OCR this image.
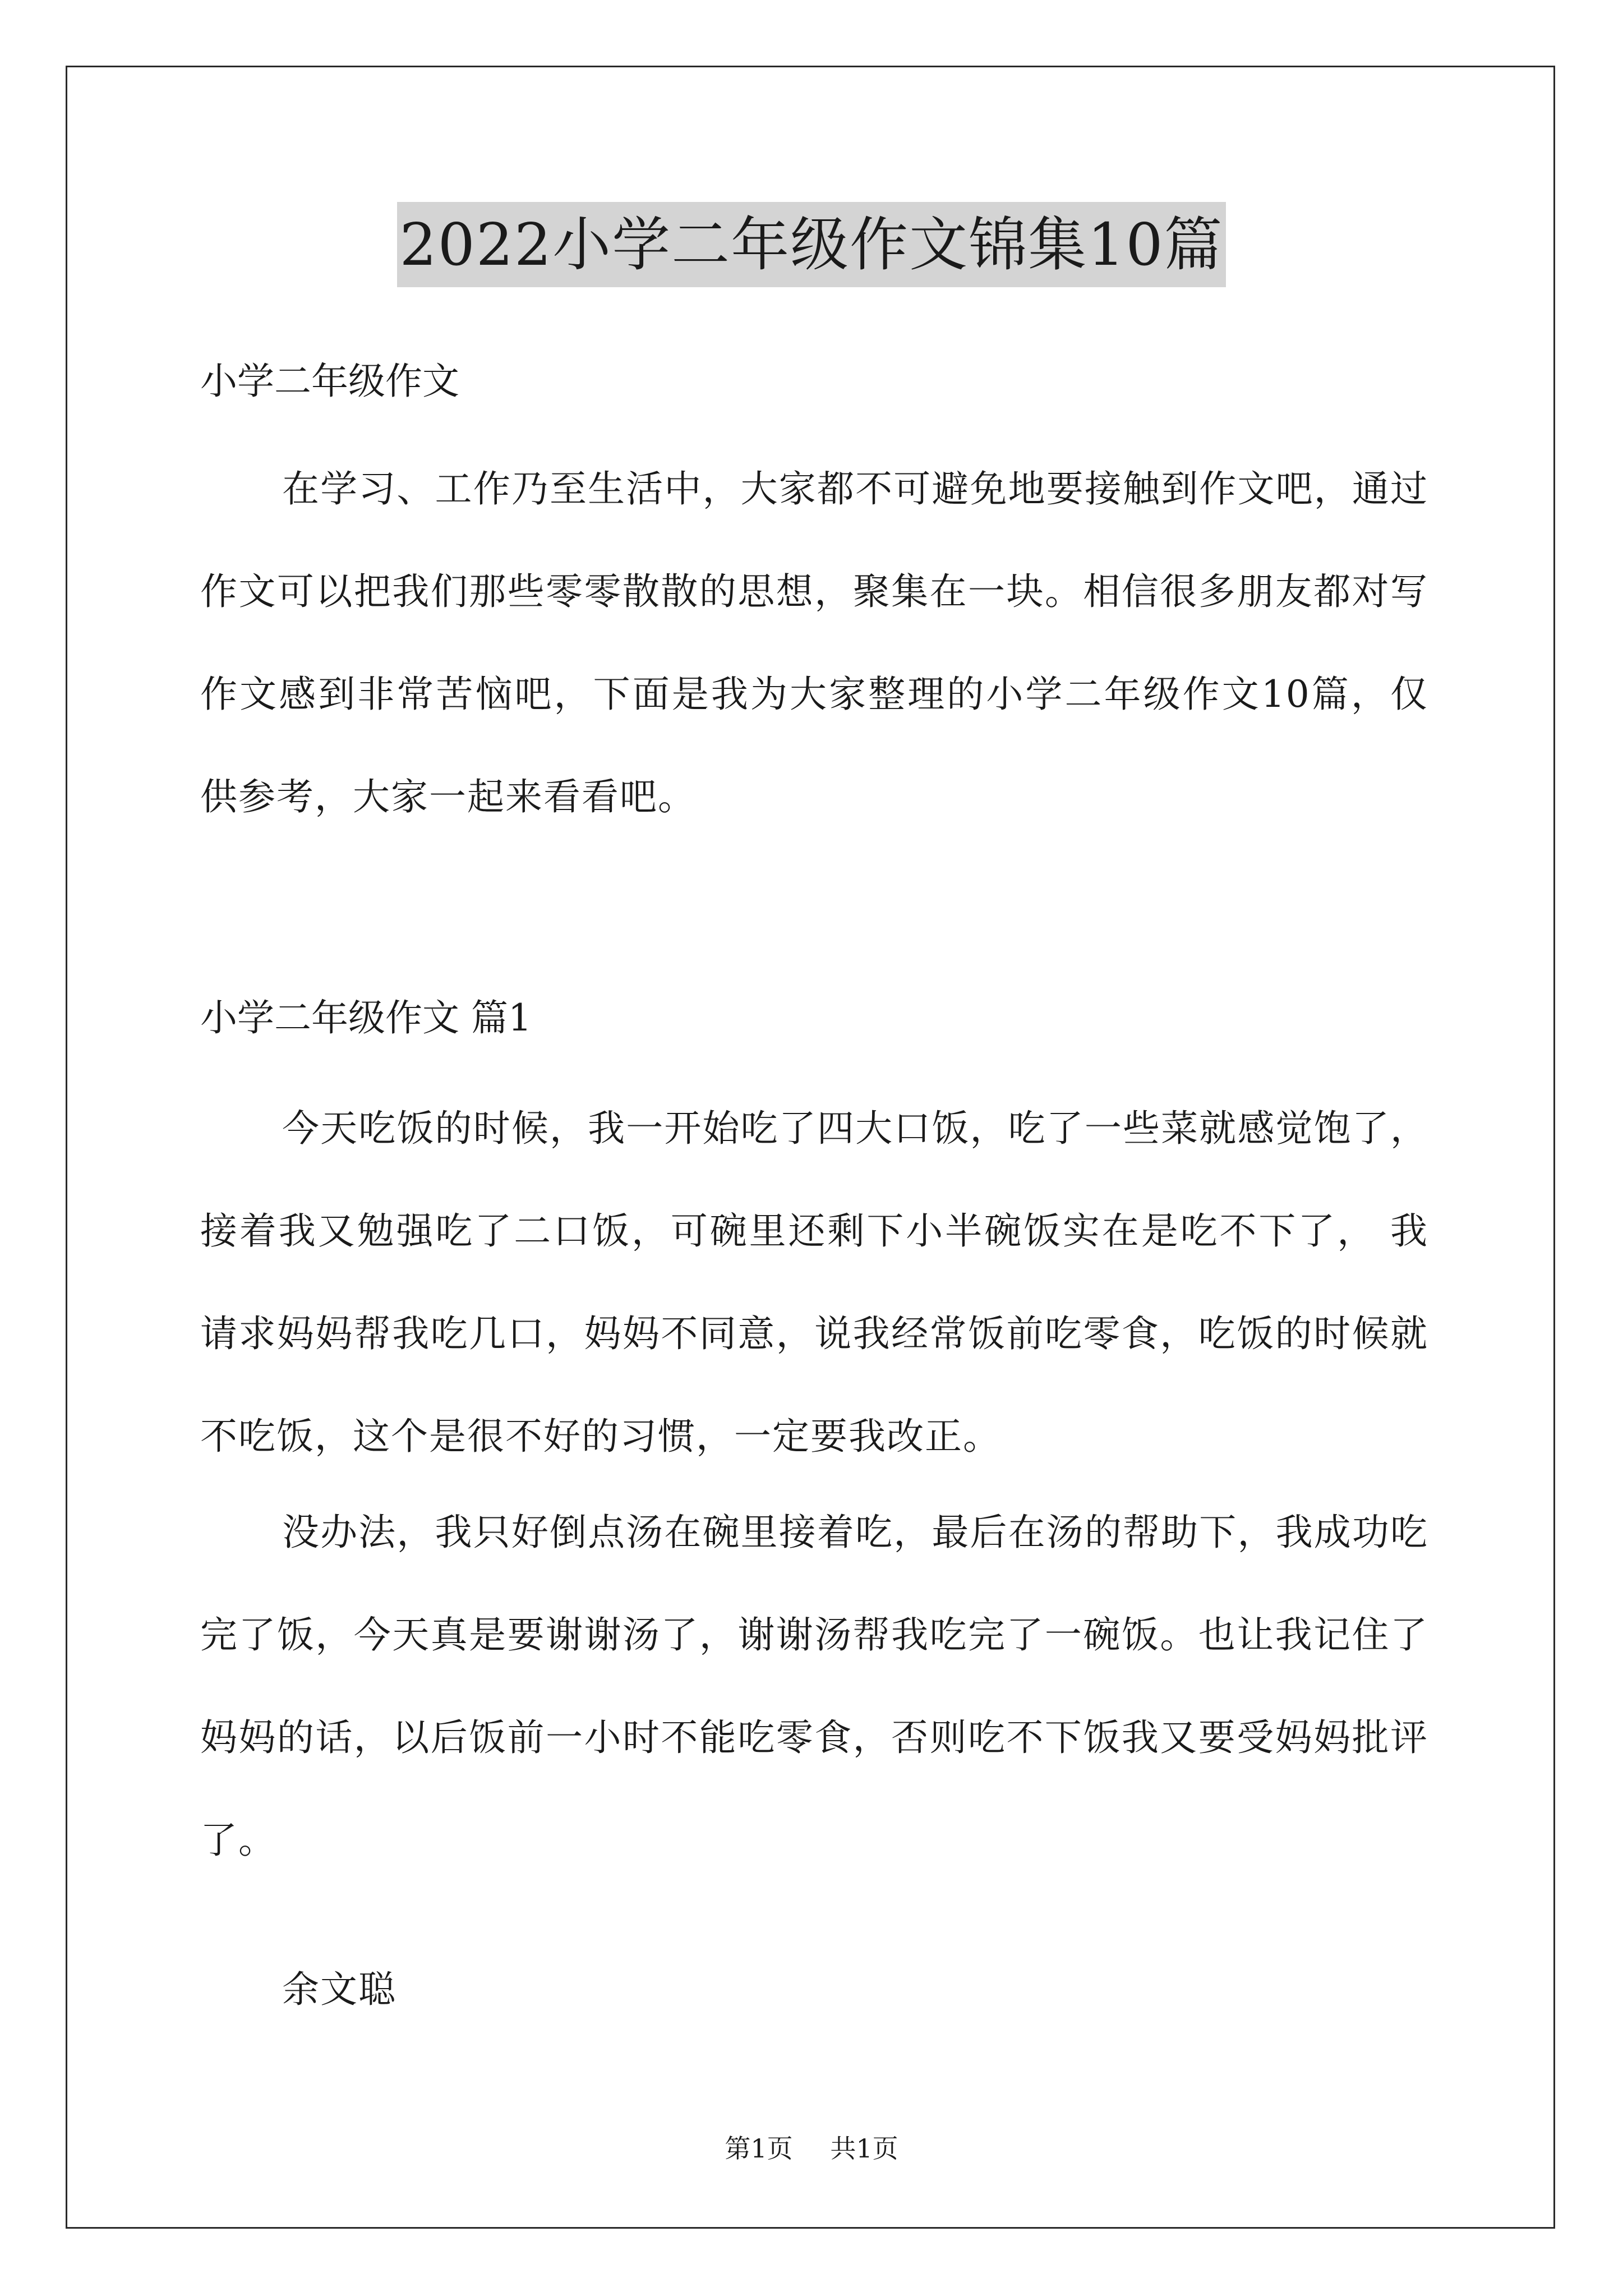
2022小学二年级作文锦集10篇
小学二年级作文
在学习、工作乃至生活中，大家都不可避免地要接触到作文吧，通过作文可以把我们那些零零散散的思想，聚集在一块。相信很多朋友都对写作文感到非常苦恼吧，下面是我为大家整理的小学二年级作文10篇，仅供参考，大家一起来看看吧。
小学二年级作文 篇1
今天吃饭的时候，我一开始吃了四大口饭，吃了一些菜就感觉饱了， 接着我又勉强吃了二口饭，可碗里还剩下小半碗饭实在是吃不下了， 我请求妈妈帮我吃几口，妈妈不同意，说我经常饭前吃零食，吃饭的时候就不吃饭，这个是很不好的习惯，一定要我改正。
没办法，我只好倒点汤在碗里接着吃，最后在汤的帮助下，我成功吃完了饭，今天真是要谢谢汤了，谢谢汤帮我吃完了一碗饭。也让我记住了妈妈的话，以后饭前一小时不能吃零食，否则吃不下饭我又要受妈妈批评了。
余文聪
第1页 共1页
